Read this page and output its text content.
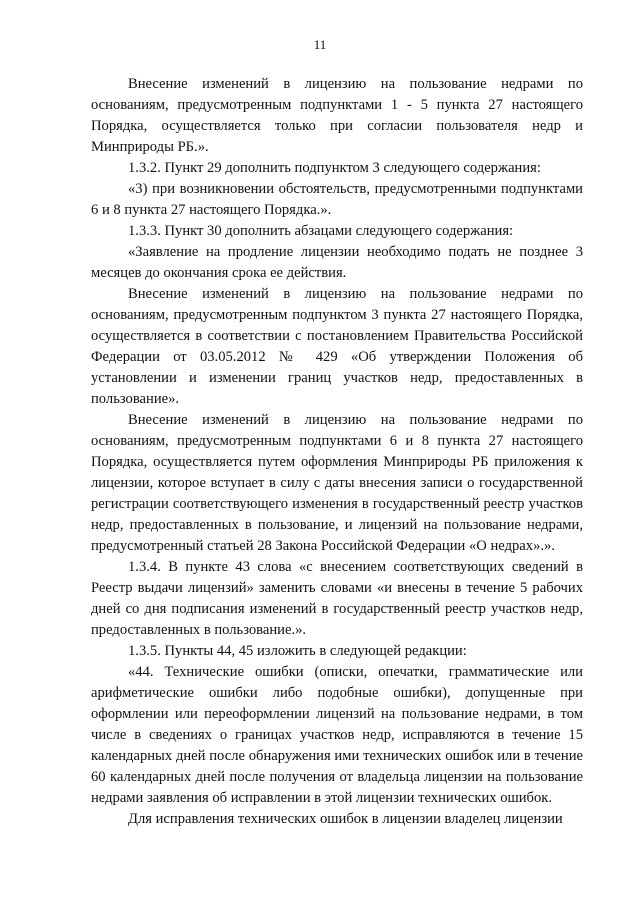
11

Внесение изменений в лицензию на пользование недрами по основаниям, предусмотренным подпунктами 1 - 5 пункта 27 настоящего Порядка, осуществляется только при согласии пользователя недр и Минприроды РБ.».

1.3.2. Пункт 29 дополнить подпунктом 3 следующего содержания:

«3) при возникновении обстоятельств, предусмотренными подпунктами 6 и 8 пункта 27 настоящего Порядка.».

1.3.3. Пункт 30 дополнить абзацами следующего содержания:

«Заявление на продление лицензии необходимо подать не позднее 3 месяцев до окончания срока ее действия.

Внесение изменений в лицензию на пользование недрами по основаниям, предусмотренным подпунктом 3 пункта 27 настоящего Порядка, осуществляется в соответствии с постановлением Правительства Российской Федерации от 03.05.2012 № 429 «Об утверждении Положения об установлении и изменении границ участков недр, предоставленных в пользование».

Внесение изменений в лицензию на пользование недрами по основаниям, предусмотренным подпунктами 6 и 8 пункта 27 настоящего Порядка, осуществляется путем оформления Минприроды РБ приложения к лицензии, которое вступает в силу с даты внесения записи о государственной регистрации соответствующего изменения в государственный реестр участков недр, предоставленных в пользование, и лицензий на пользование недрами, предусмотренный статьей 28 Закона Российской Федерации «О недрах».».

1.3.4. В пункте 43 слова «с внесением соответствующих сведений в Реестр выдачи лицензий» заменить словами «и внесены в течение 5 рабочих дней со дня подписания изменений в государственный реестр участков недр, предоставленных в пользование.».

1.3.5. Пункты 44, 45 изложить в следующей редакции:

«44. Технические ошибки (описки, опечатки, грамматические или арифметические ошибки либо подобные ошибки), допущенные при оформлении или переоформлении лицензий на пользование недрами, в том числе в сведениях о границах участков недр, исправляются в течение 15 календарных дней после обнаружения ими технических ошибок или в течение 60 календарных дней после получения от владельца лицензии на пользование недрами заявления об исправлении в этой лицензии технических ошибок.

Для исправления технических ошибок в лицензии владелец лицензии
